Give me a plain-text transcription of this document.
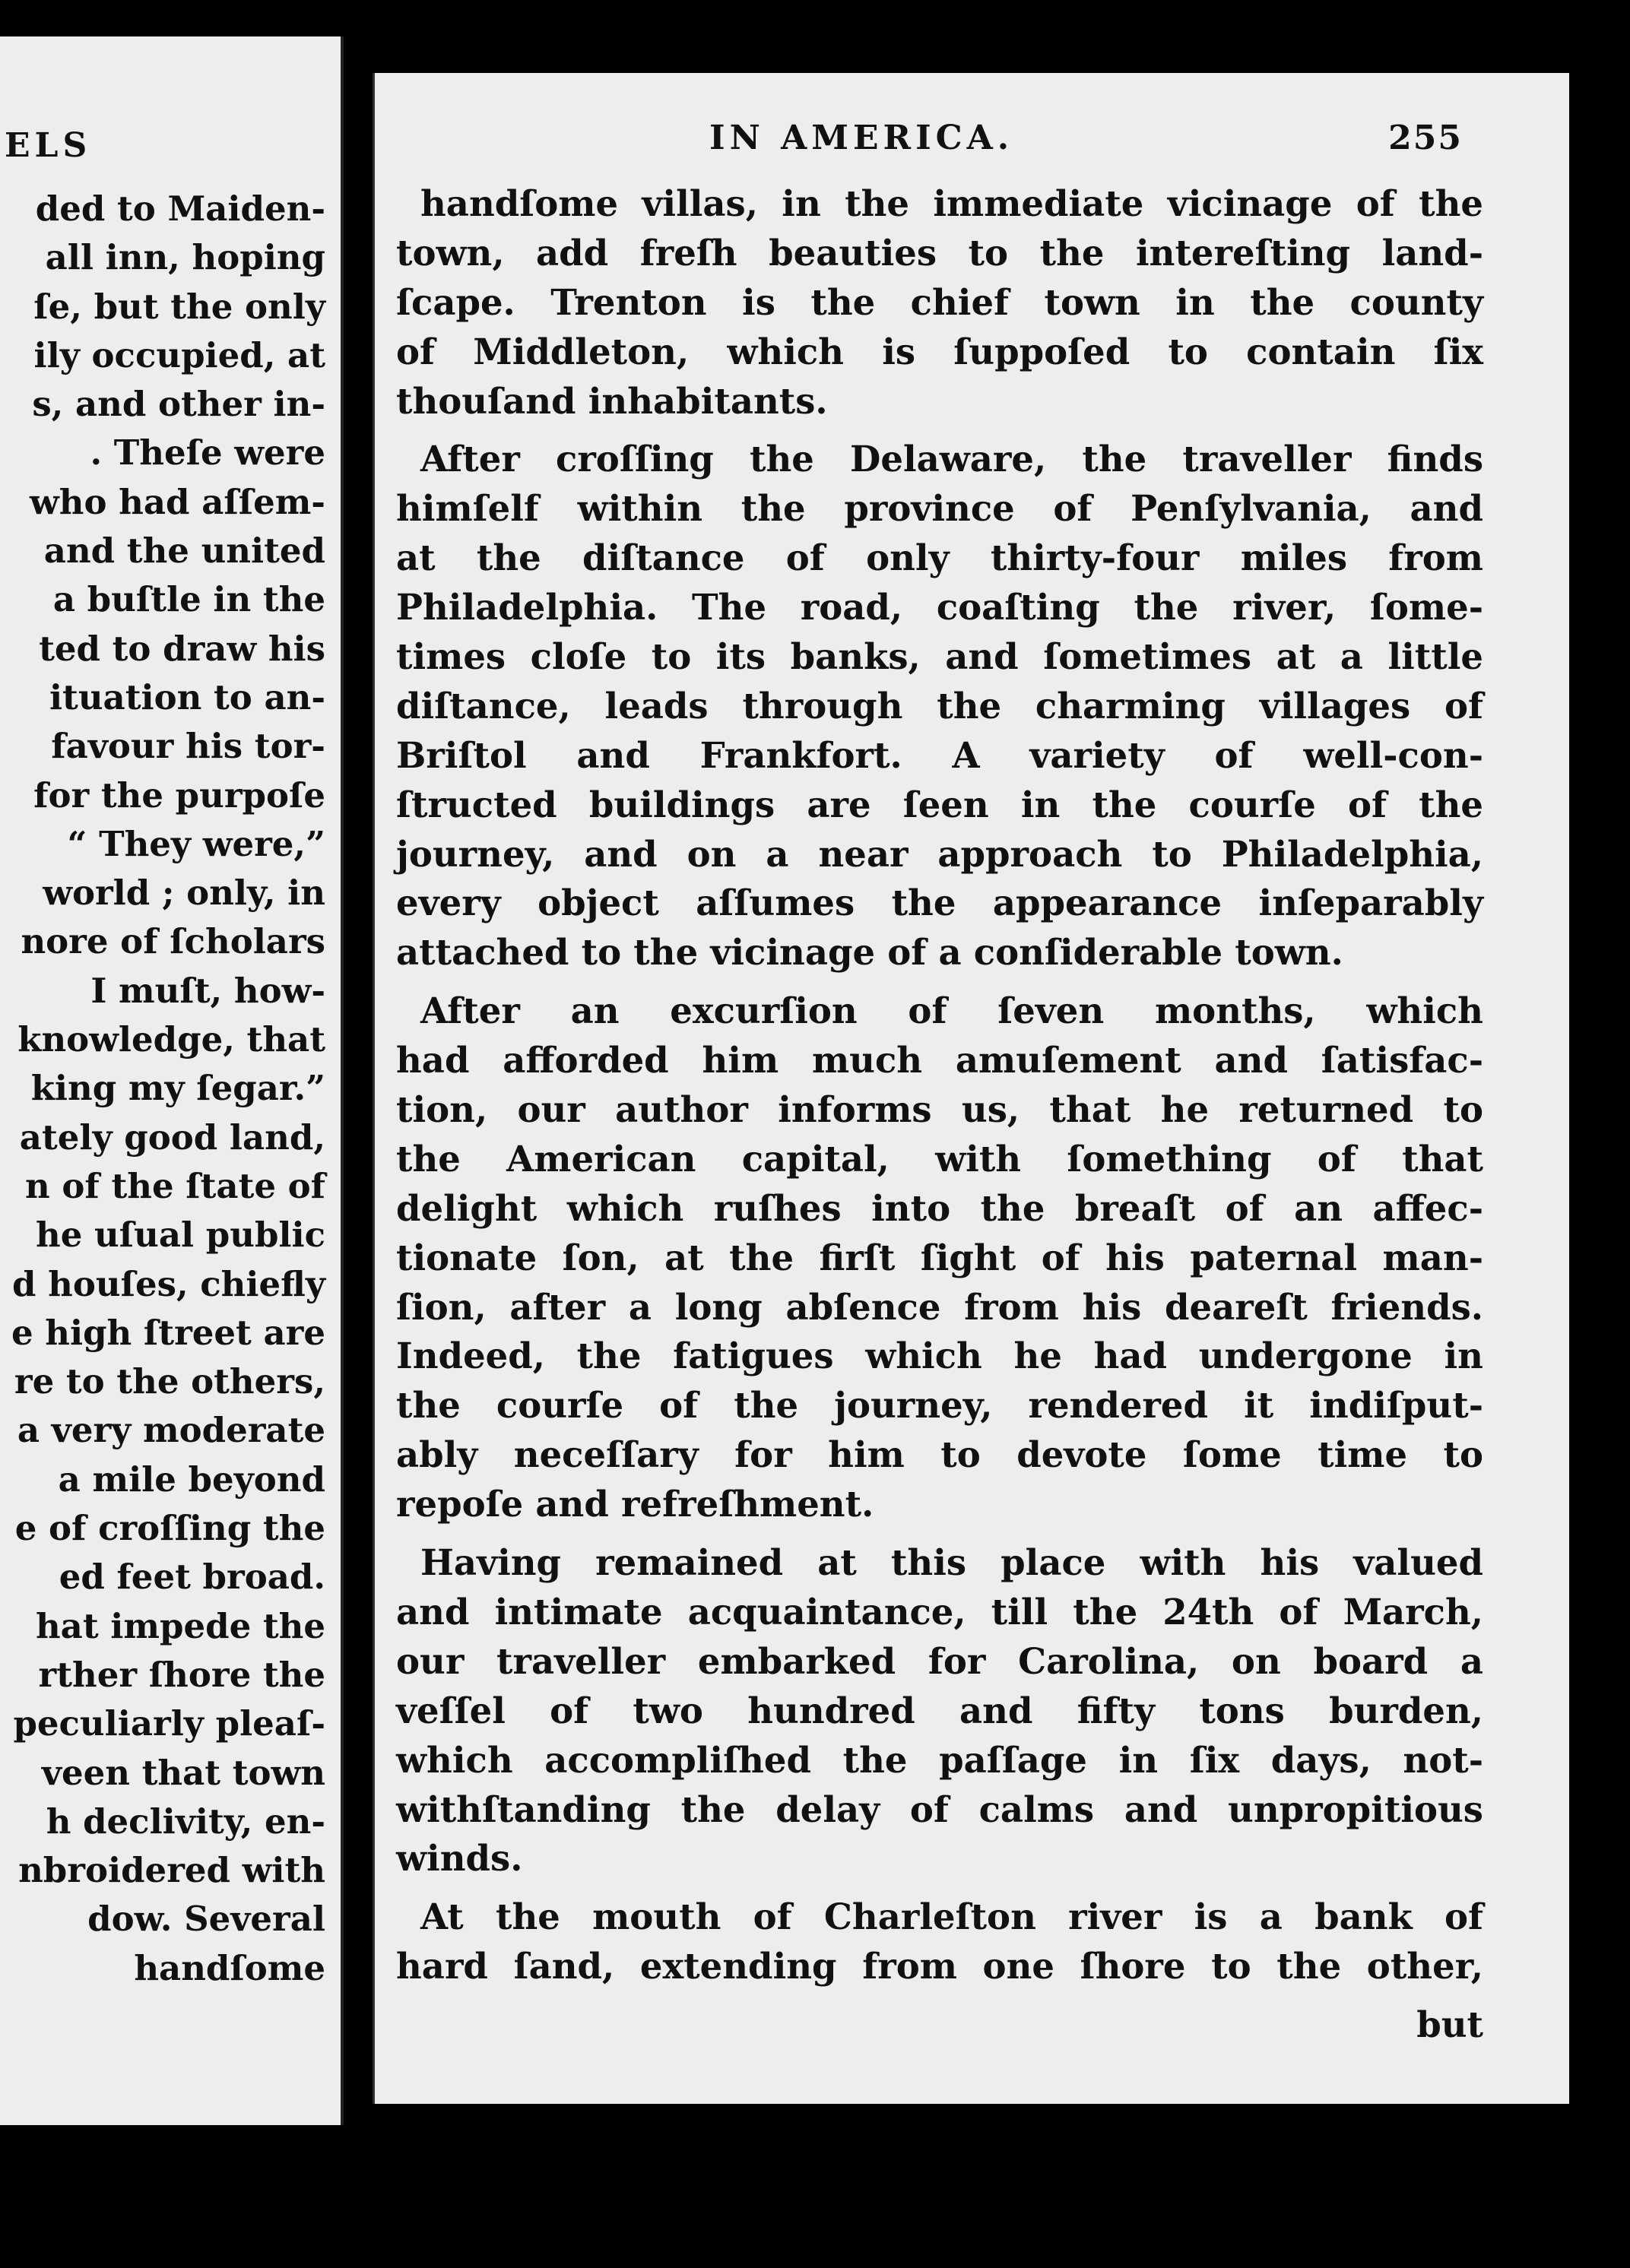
ELS
ded to Maiden-
all inn, hoping
ſe, but the only
ily occupied, at
s, and other in-
. Theſe were
who had aſſem-
and the united
a buſtle in the
ted to draw his
ituation to an-
favour his tor-
for the purpoſe
“ They were,”
world ; only, in
nore of ſcholars
I muſt, how-
knowledge, that
king my ſegar.”
ately good land,
n of the ſtate of
he uſual public
d houſes, chiefly
e high ſtreet are
re to the others,
a very moderate
a mile beyond
e of croſſing the
ed feet broad.
hat impede the
rther ſhore the
peculiarly pleaſ-
veen that town
h declivity, en-
nbroidered with
dow. Several
handſome
IN AMERICA.	255
handſome villas, in the immediate vicinage of the
town, add freſh beauties to the intereſting land-
ſcape. Trenton is the chief town in the county
of Middleton, which is ſuppoſed to contain ſix
thouſand inhabitants.
After croſſing the Delaware, the traveller finds
himſelf within the province of Penſylvania, and
at the diſtance of only thirty-four miles from
Philadelphia. The road, coaſting the river, ſome-
times cloſe to its banks, and ſometimes at a little
diſtance, leads through the charming villages of
Briſtol and Frankfort. A variety of well-con-
ſtructed buildings are ſeen in the courſe of the
journey, and on a near approach to Philadelphia,
every object aſſumes the appearance inſeparably
attached to the vicinage of a conſiderable town.
After an excurſion of ſeven months, which
had afforded him much amuſement and ſatisfac-
tion, our author informs us, that he returned to
the American capital, with ſomething of that
delight which ruſhes into the breaſt of an affec-
tionate ſon, at the firſt ſight of his paternal man-
ſion, after a long abſence from his deareſt friends.
Indeed, the fatigues which he had undergone in
the courſe of the journey, rendered it indiſput-
ably neceſſary for him to devote ſome time to
repoſe and refreſhment.
Having remained at this place with his valued
and intimate acquaintance, till the 24th of March,
our traveller embarked for Carolina, on board a
veſſel of two hundred and fifty tons burden,
which accompliſhed the paſſage in ſix days, not-
withſtanding the delay of calms and unpropitious
winds.
At the mouth of Charleſton river is a bank of
hard ſand, extending from one ſhore to the other,
but
